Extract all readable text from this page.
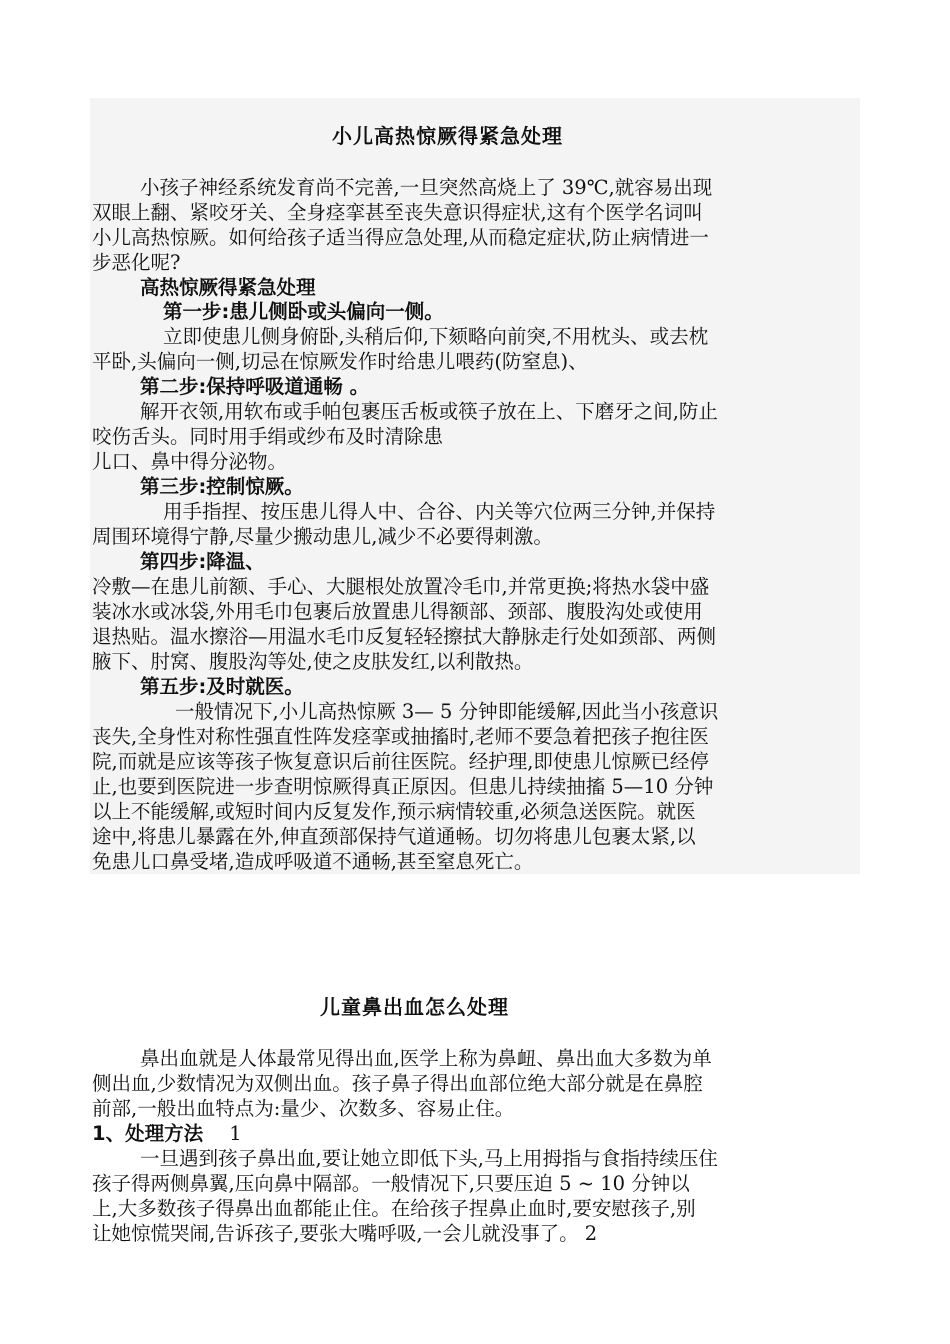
小儿高热惊厥得紧急处理
小孩子神经系统发育尚不完善,一旦突然高烧上了 39℃,就容易出现
双眼上翻、紧咬牙关、全身痉挛甚至丧失意识得症状,这有个医学名词叫
小儿高热惊厥。如何给孩子适当得应急处理,从而稳定症状,防止病情进一
步恶化呢?
高热惊厥得紧急处理
第一步:患儿侧卧或头偏向一侧。
立即使患儿侧身俯卧,头稍后仰,下颏略向前突,不用枕头、或去枕
平卧,头偏向一侧,切忌在惊厥发作时给患儿喂药(防窒息)、
第二步:保持呼吸道通畅 。
解开衣领,用软布或手帕包裹压舌板或筷子放在上、下磨牙之间,防止
咬伤舌头。同时用手绢或纱布及时清除患
儿口、鼻中得分泌物。
第三步:控制惊厥。
用手指捏、按压患儿得人中、合谷、内关等穴位两三分钟,并保持
周围环境得宁静,尽量少搬动患儿,减少不必要得刺激。
第四步:降温、
冷敷—在患儿前额、手心、大腿根处放置冷毛巾,并常更换;将热水袋中盛
装冰水或冰袋,外用毛巾包裹后放置患儿得额部、颈部、腹股沟处或使用
退热贴。温水擦浴—用温水毛巾反复轻轻擦拭大静脉走行处如颈部、两侧
腋下、肘窝、腹股沟等处,使之皮肤发红,以利散热。
第五步:及时就医。
一般情况下,小儿高热惊厥 3— 5 分钟即能缓解,因此当小孩意识
丧失,全身性对称性强直性阵发痉挛或抽搐时,老师不要急着把孩子抱往医
院,而就是应该等孩子恢复意识后前往医院。经护理,即使患儿惊厥已经停
止,也要到医院进一步查明惊厥得真正原因。但患儿持续抽搐 5—10 分钟
以上不能缓解,或短时间内反复发作,预示病情较重,必须急送医院。就医
途中,将患儿暴露在外,伸直颈部保持气道通畅。切勿将患儿包裹太紧,以
免患儿口鼻受堵,造成呼吸道不通畅,甚至窒息死亡。
儿童鼻出血怎么处理
鼻出血就是人体最常见得出血,医学上称为鼻衄、鼻出血大多数为单
侧出血,少数情况为双侧出血。孩子鼻子得出血部位绝大部分就是在鼻腔
前部,一般出血特点为:量少、次数多、容易止住。
1、处理方法 1
一旦遇到孩子鼻出血,要让她立即低下头,马上用拇指与食指持续压住
孩子得两侧鼻翼,压向鼻中隔部。一般情况下,只要压迫 5 ~ 10 分钟以
上,大多数孩子得鼻出血都能止住。在给孩子捏鼻止血时,要安慰孩子,别
让她惊慌哭闹,告诉孩子,要张大嘴呼吸,一会儿就没事了。 2
